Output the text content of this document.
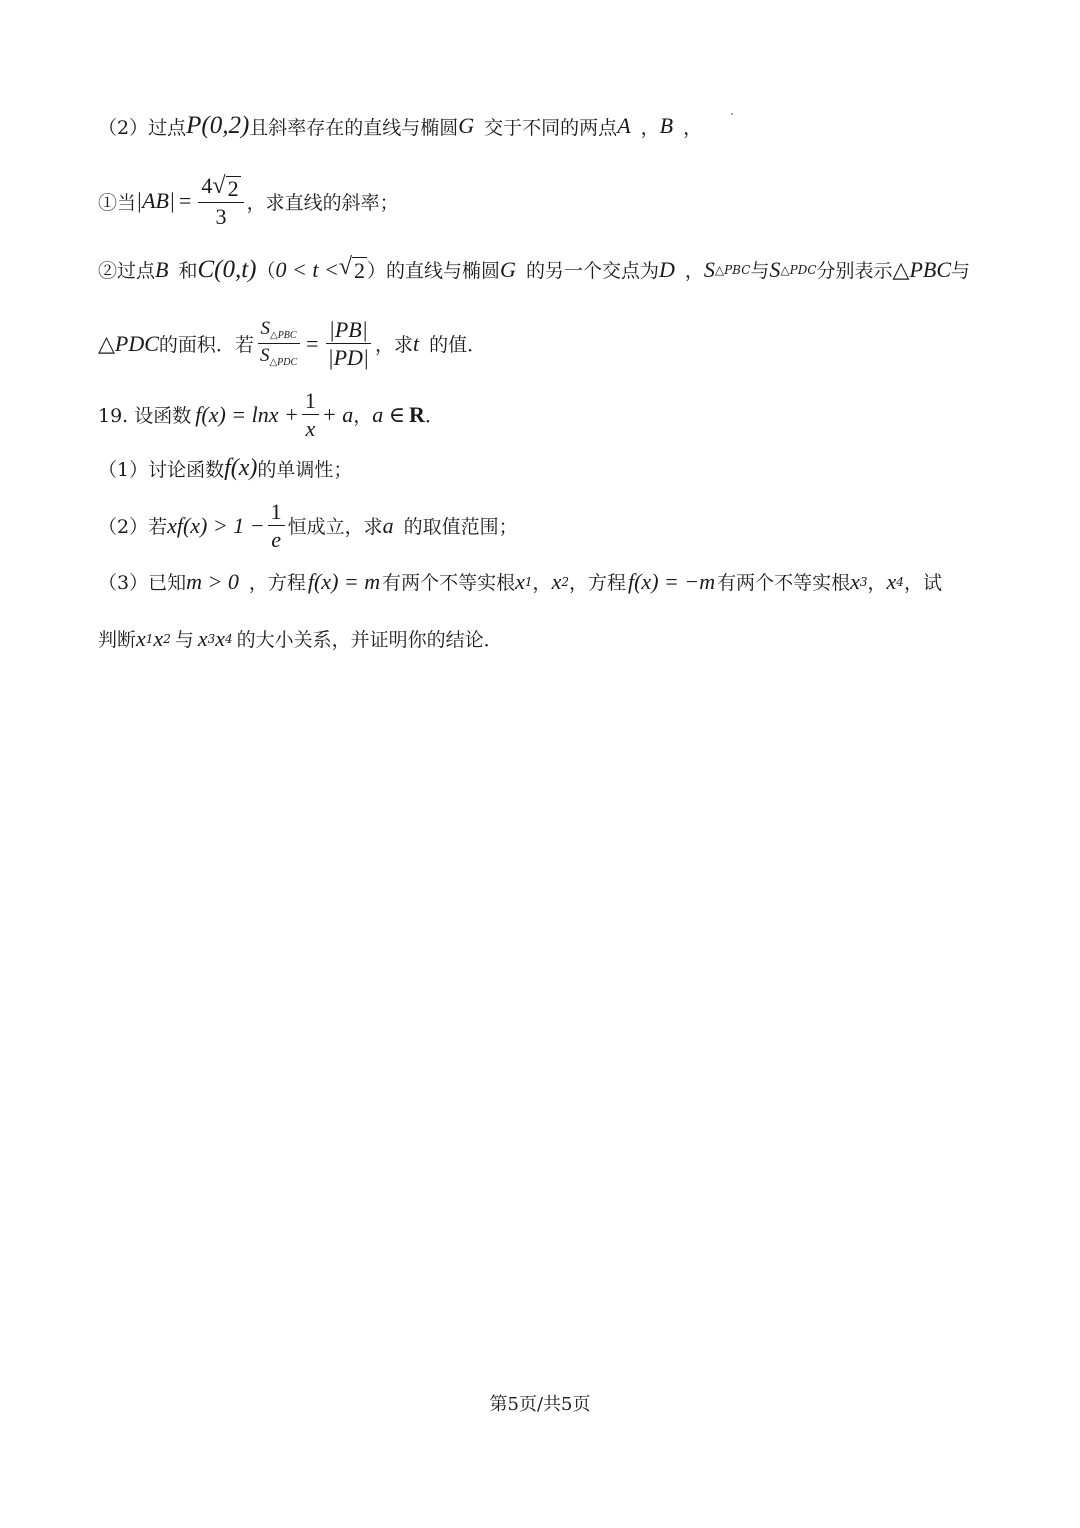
（2）过点 P(0,2) 且斜率存在的直线与椭圆 G 交于不同的两点 A ， B ，
①当 $|AB| = \frac{4 √ 2}{3}$ ，求直线的斜率；
②过点 B 和 C(0,t) （ 0 < t < √ 2 ） 的直线与椭圆 G 的另一个交点为 D ， S △PBC 与 S △PDC 分别表示 △PBC 与
△PDC 的面积．若 $\frac{S_{\triangle PBC}}{S_{\triangle PDC}} = \frac{|PB|}{|PD|}$ ，求 t 的值．
19. 设函数 $f(x) = \ln x + \frac{1}{x} + a$ ， a ∈ R ．
（1）讨论函数 f(x) 的单调性；
（2）若 $xf(x) > 1 - \frac{1}{e}$ 恒成立，求 a 的取值范围；
（3）已知 m > 0 ， 方程 f(x) = m 有两个不等实根 x 1 ， x 2 ，方程 f(x) = −m 有两个不等实根 x 3 ， x 4 ，试
判断 x 1 x 2 与 x 3 x 4 的大小关系，并证明你的结论．
第5页/共5页
